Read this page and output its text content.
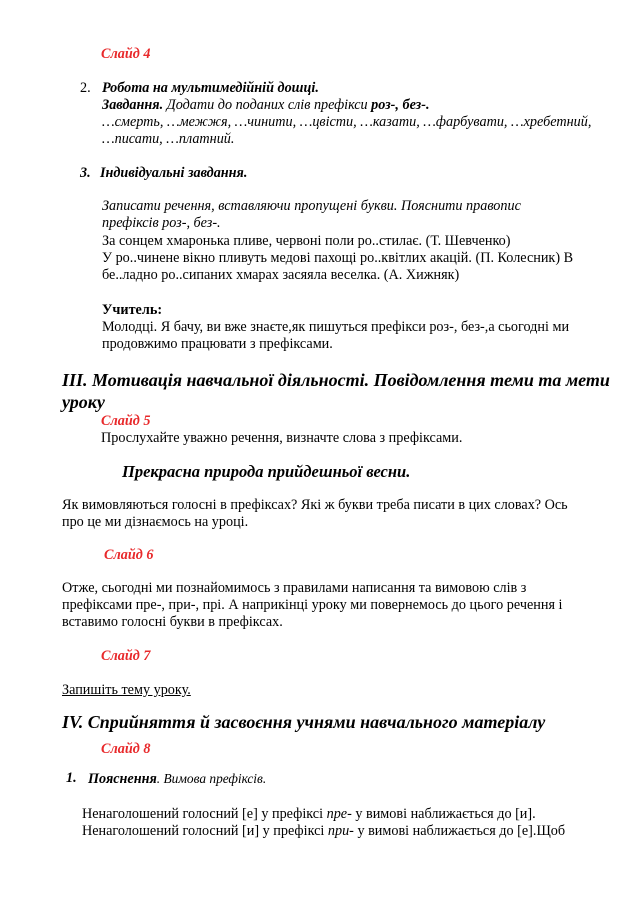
Слайд 4
2. Робота на мультимедійній дошці.
Завдання. Додати до поданих слів префікси роз-, без-.
…смерть, …межжя, …чинити, …цвісти, …казати, …фарбувати, …хребетний,
…писати, …платний.
3. Індивідуальні завдання.
Записати речення, вставляючи пропущені букви. Пояснити правопис
префіксів роз-, без-.
За сонцем хмаронька пливе, червоні поли ро..стилає. (Т. Шевченко)
У ро..чинене вікно пливуть медові пахощі ро..квітлих акацій. (П. Колесник) В
бе..ладно ро..сипаних хмарах засяяла веселка. (А. Хижняк)
Учитель:
Молодці. Я бачу, ви вже знаєте,як пишуться префікси роз-, без-,а сьогодні ми
продовжимо працювати з префіксами.
ІІІ. Мотивація навчальної діяльності. Повідомлення теми та мети
уроку
Слайд 5
Прослухайте уважно речення, визначте слова з префіксами.
Прекрасна природа прийдешньої весни.
Як вимовляються голосні в префіксах? Які ж букви треба писати в цих словах? Ось
про це ми дізнаємось на уроці.
Слайд 6
Отже, сьогодні ми познайомимось з правилами написання та вимовою слів з
префіксами пре-, при-, прі. А наприкінці уроку ми повернемось до цього речення і
вставимо голосні букви в префіксах.
Слайд 7
Запишіть тему уроку.
IV. Сприйняття й засвоєння учнями навчального матеріалу
Слайд 8
1. Пояснення. Вимова префіксів.
Ненаголошений голосний [е] у префіксі пре- у вимові наближається до [и].
Ненаголошений голосний [и] у префіксі при- у вимові наближається до [е].Щоб
